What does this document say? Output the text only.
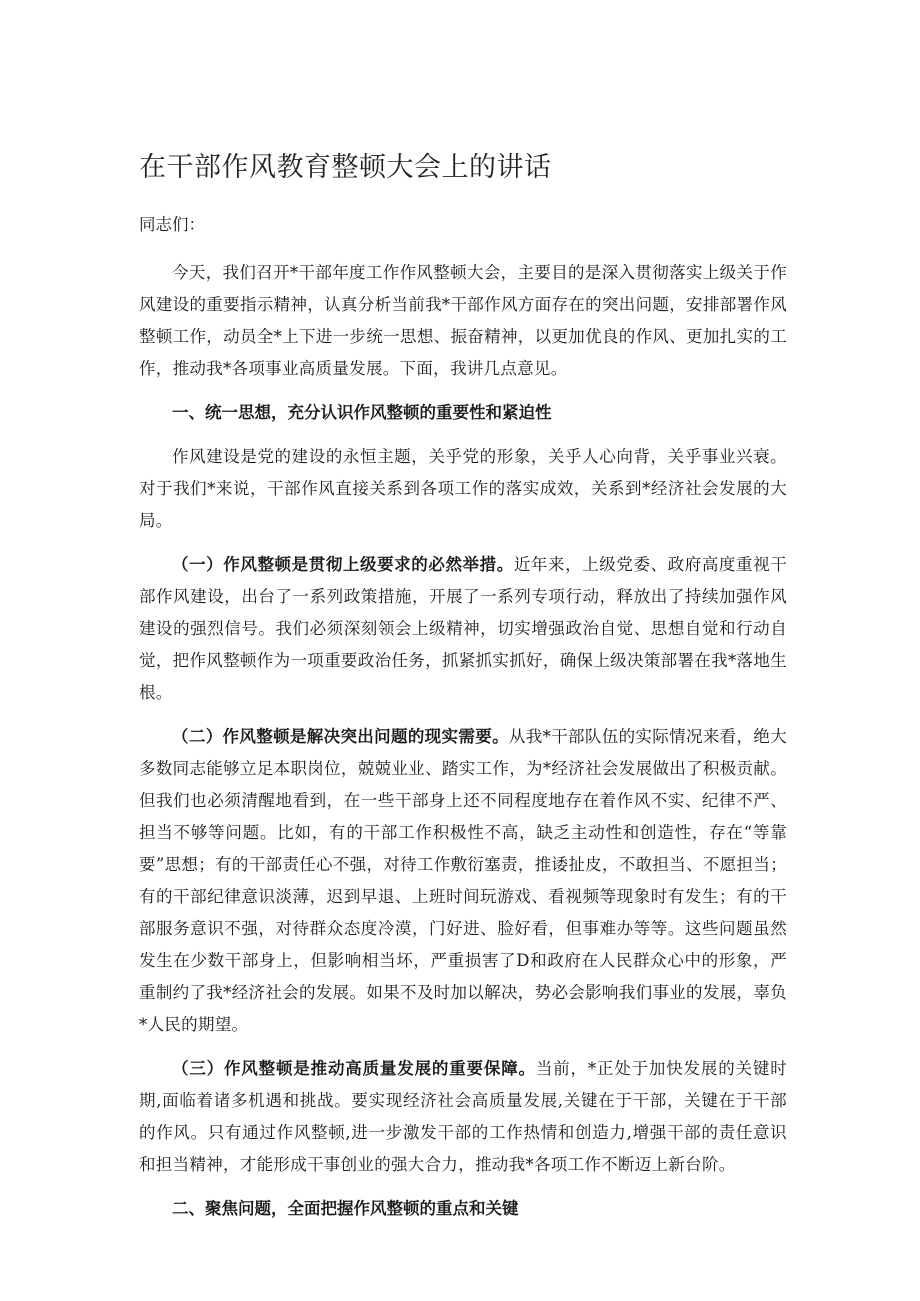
在干部作风教育整顿大会上的讲话
同志们：

今天，我们召开*干部年度工作作风整顿大会，主要目的是深入贯彻落实上级关于作风建设的重要指示精神，认真分析当前我*干部作风方面存在的突出问题，安排部署作风整顿工作，动员全*上下进一步统一思想、振奋精神，以更加优良的作风、更加扎实的工作，推动我*各项事业高质量发展。下面，我讲几点意见。

一、统一思想，充分认识作风整顿的重要性和紧迫性

作风建设是党的建设的永恒主题，关乎党的形象，关乎人心向背，关乎事业兴衰。对于我们*来说，干部作风直接关系到各项工作的落实成效，关系到*经济社会发展的大局。

（一）作风整顿是贯彻上级要求的必然举措。近年来，上级党委、政府高度重视干部作风建设，出台了一系列政策措施，开展了一系列专项行动，释放出了持续加强作风建设的强烈信号。我们必须深刻领会上级精神，切实增强政治自觉、思想自觉和行动自觉，把作风整顿作为一项重要政治任务，抓紧抓实抓好，确保上级决策部署在我*落地生根。

（二）作风整顿是解决突出问题的现实需要。从我*干部队伍的实际情况来看，绝大多数同志能够立足本职岗位，兢兢业业、踏实工作，为*经济社会发展做出了积极贡献。但我们也必须清醒地看到，在一些干部身上还不同程度地存在着作风不实、纪律不严、担当不够等问题。比如，有的干部工作积极性不高，缺乏主动性和创造性，存在“等靠要”思想；有的干部责任心不强，对待工作敷衍塞责，推诿扯皮，不敢担当、不愿担当；有的干部纪律意识淡薄，迟到早退、上班时间玩游戏、看视频等现象时有发生；有的干部服务意识不强，对待群众态度冷漠，门好进、脸好看，但事难办等等。这些问题虽然发生在少数干部身上，但影响相当坏，严重损害了D和政府在人民群众心中的形象，严重制约了我*经济社会的发展。如果不及时加以解决，势必会影响我们事业的发展，辜负*人民的期望。

（三）作风整顿是推动高质量发展的重要保障。当前，*正处于加快发展的关键时期,面临着诸多机遇和挑战。要实现经济社会高质量发展,关键在于干部，关键在于干部的作风。只有通过作风整顿,进一步激发干部的工作热情和创造力,增强干部的责任意识和担当精神，才能形成干事创业的强大合力，推动我*各项工作不断迈上新台阶。

二、聚焦问题，全面把握作风整顿的重点和关键
